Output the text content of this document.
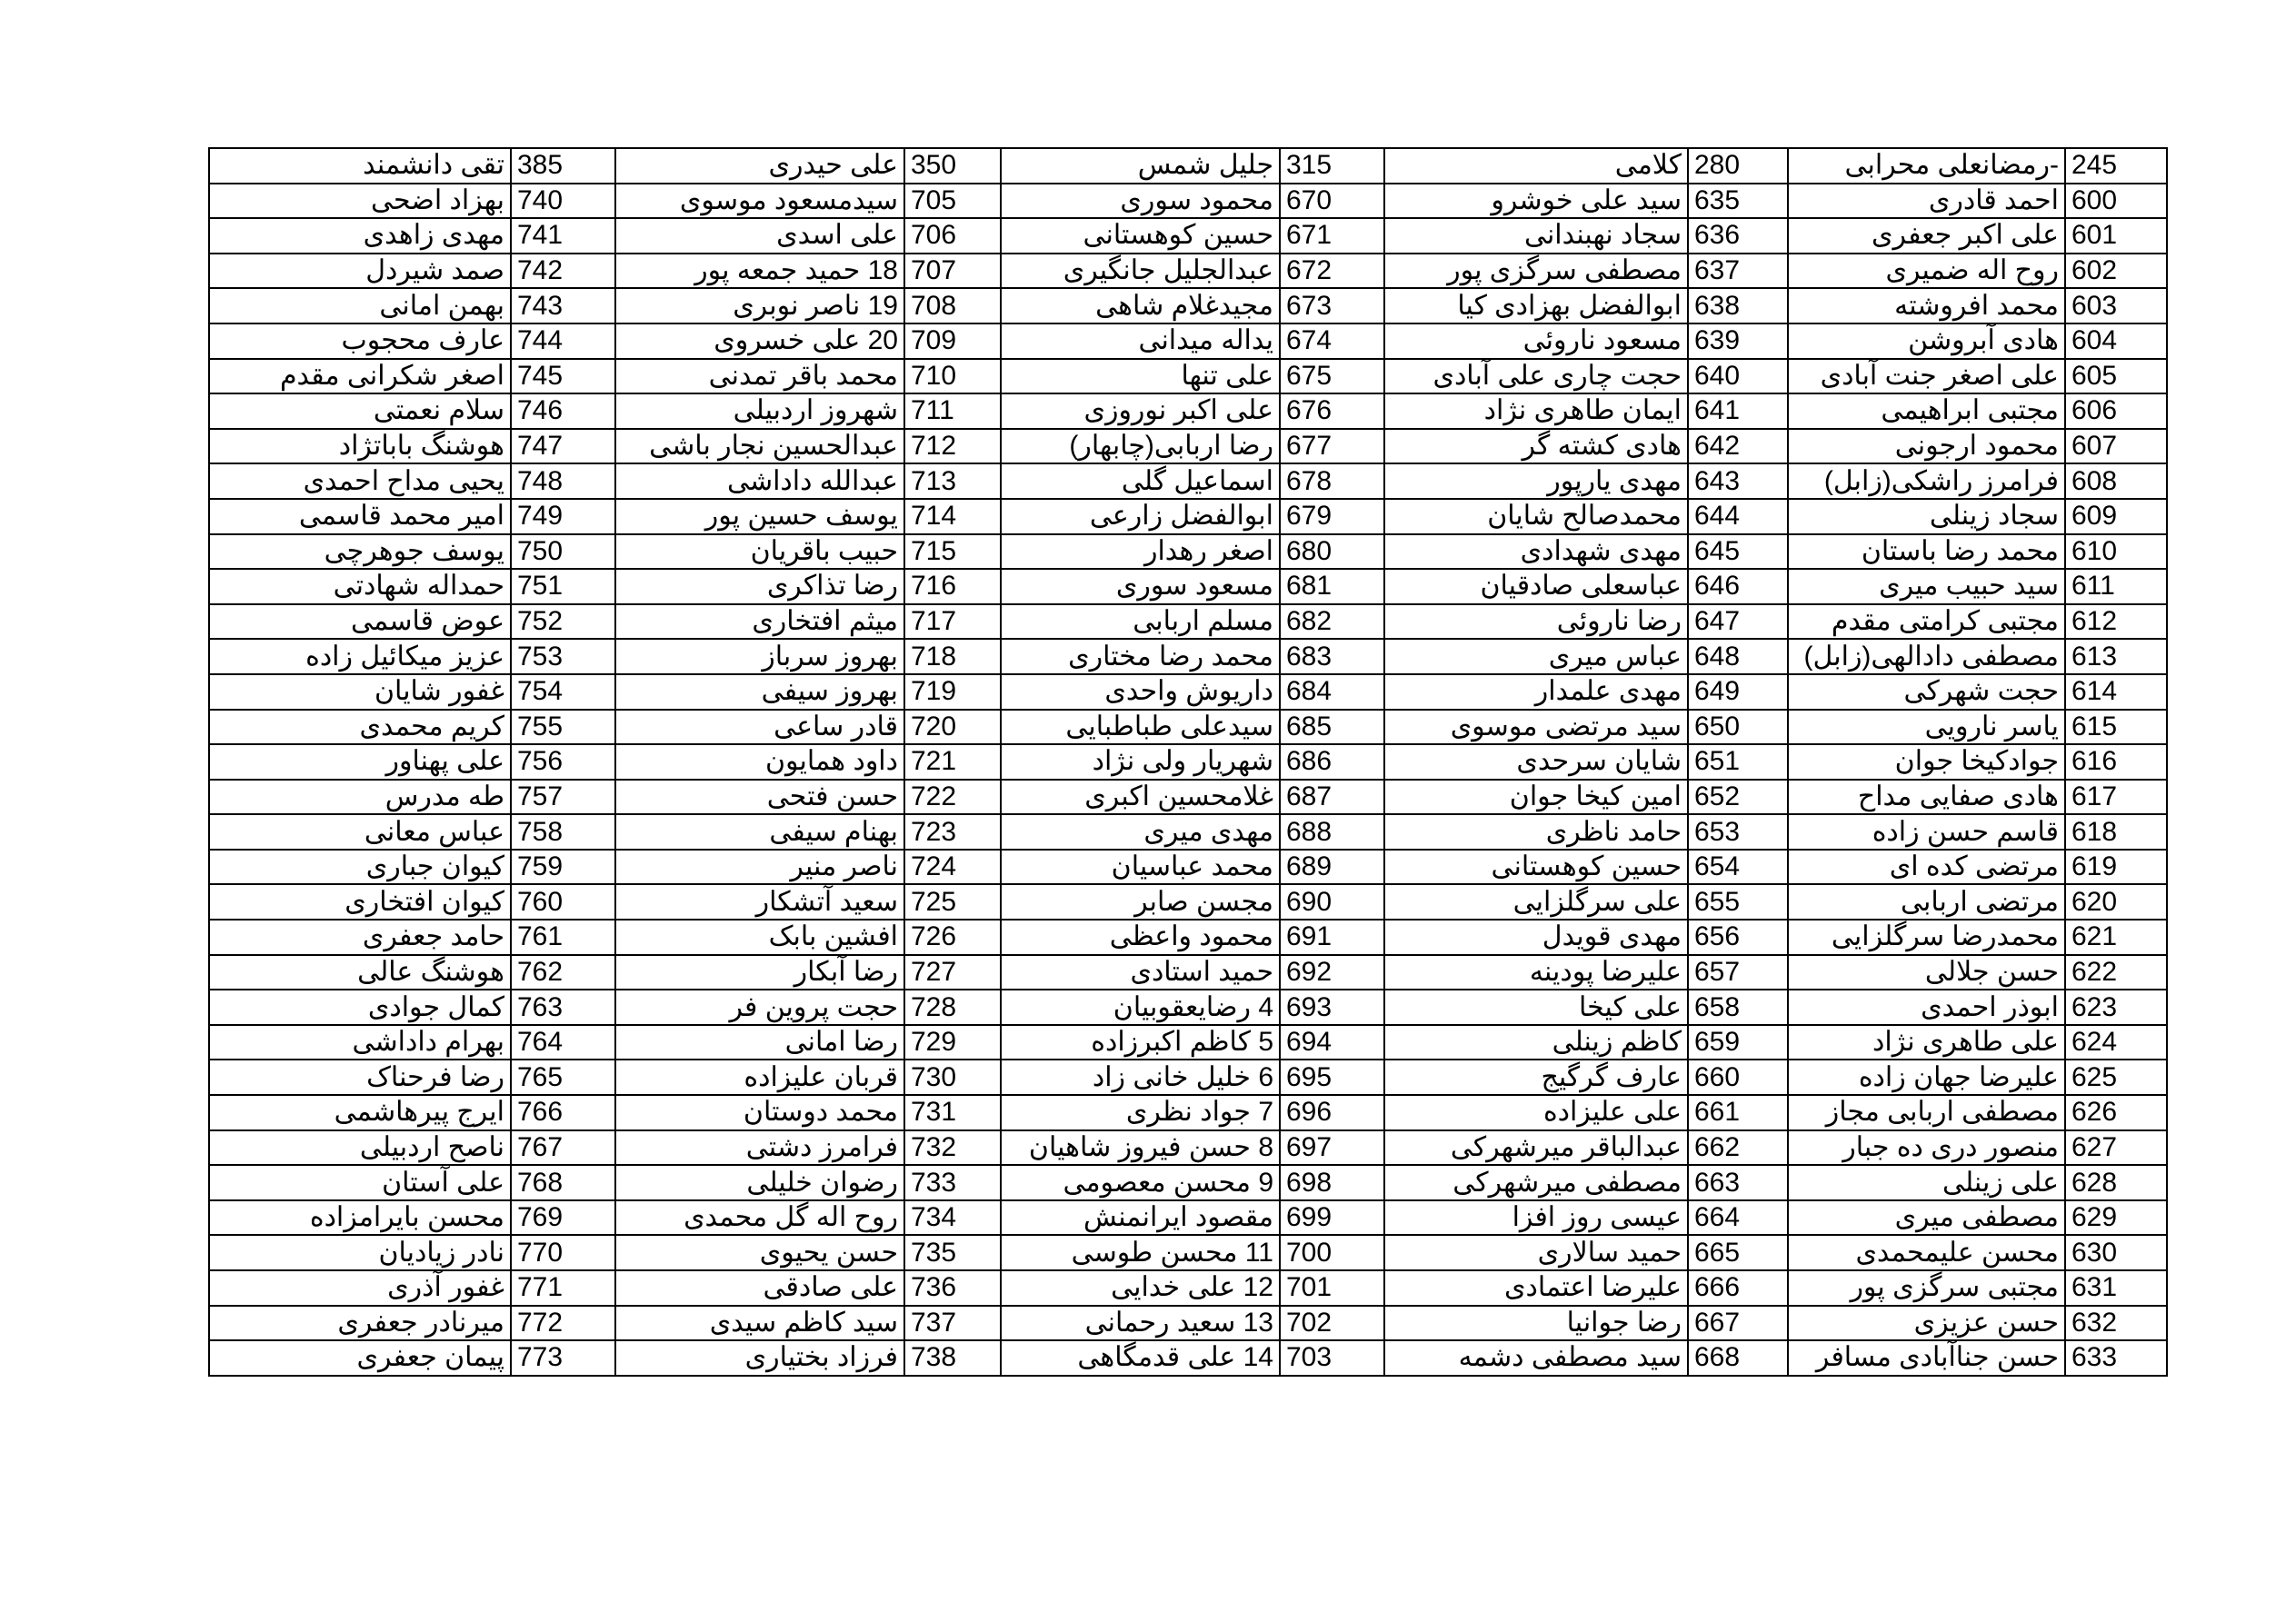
245	-رمضانعلی محرابی	280	کلامی	315	جلیل شمس	350	علی حیدری	385	تقی دانشمند
600	احمد قادری	635	سید علی خوشرو	670	محمود سوری	705	سیدمسعود موسوی	740	بهزاد اضحی
601	علی اکبر جعفری	636	سجاد نهبندانی	671	حسین کوهستانی	706	علی اسدی	741	مهدی زاهدی
602	روح اله ضمیری	637	مصطفی سرگزی پور	672	عبدالجلیل جانگیری	707	18 حمید جمعه پور	742	صمد شیردل
603	محمد افروشته	638	ابوالفضل بهزادی کیا	673	مجیدغلام شاهی	708	19 ناصر نوبری	743	بهمن امانی
604	هادی آبروشن	639	مسعود ناروئی	674	یداله میدانی	709	20 علی خسروی	744	عارف محجوب
605	علی اصغر جنت آبادی	640	حجت چاری علی آبادی	675	علی تنها	710	محمد باقر تمدنی	745	اصغر شکرانی مقدم
606	مجتبی ابراهیمی	641	ایمان طاهری نژاد	676	علی اکبر نوروزی	711	شهروز اردبیلی	746	سلام نعمتی
607	محمود ارجونی	642	هادی کشته گر	677	رضا اربابی(چابهار)	712	عبدالحسین نجار باشی	747	هوشنگ باباتژاد
608	فرامرز راشکی(زابل)	643	مهدی یارپور	678	اسماعیل گلی	713	عبدالله داداشی	748	یحیی مداح احمدی
609	سجاد زینلی	644	محمدصالح شایان	679	ابوالفضل زارعی	714	یوسف حسین پور	749	امیر محمد قاسمی
610	محمد رضا باستان	645	مهدی شهدادی	680	اصغر رهدار	715	حبیب باقریان	750	یوسف جوهرچی
611	سید حبیب میری	646	عباسعلی صادقیان	681	مسعود سوری	716	رضا تذاکری	751	حمداله شهادتی
612	مجتبی کرامتی مقدم	647	رضا ناروئی	682	مسلم اربابی	717	میثم افتخاری	752	عوض قاسمی
613	مصطفی دادالهی(زابل)	648	عباس میری	683	محمد رضا مختاری	718	بهروز سرباز	753	عزیز میکائیل زاده
614	حجت شهرکی	649	مهدی علمدار	684	داریوش واحدی	719	بهروز سیفی	754	غفور شایان
615	یاسر نارویی	650	سید مرتضی موسوی	685	سیدعلی طباطبایی	720	قادر ساعی	755	کریم محمدی
616	جوادکیخا جوان	651	شایان سرحدی	686	شهریار ولی نژاد	721	داود همایون	756	علی پهناور
617	هادی صفایی مداح	652	امین کیخا جوان	687	غلامحسین اکبری	722	حسن فتحی	757	طه مدرس
618	قاسم حسن زاده	653	حامد ناظری	688	مهدی میری	723	بهنام سیفی	758	عباس معانی
619	مرتضی کده ای	654	حسین کوهستانی	689	محمد عباسیان	724	ناصر منیر	759	کیوان جباری
620	مرتضی اربابی	655	علی سرگلزایی	690	مجسن صابر	725	سعید آتشکار	760	کیوان افتخاری
621	محمدرضا سرگلزایی	656	مهدی قویدل	691	محمود واعظی	726	افشین بابک	761	حامد جعفری
622	حسن جلالی	657	علیرضا پودینه	692	حمید استادی	727	رضا آبکار	762	هوشنگ عالی
623	ابوذر احمدی	658	علی کیخا	693	4 رضایعقوبیان	728	حجت پروین فر	763	کمال جوادی
624	علی طاهری نژاد	659	کاظم زینلی	694	5 کاظم اکبرزاده	729	رضا امانی	764	بهرام داداشی
625	علیرضا جهان زاده	660	عارف گرگیج	695	6 خلیل خانی زاد	730	قربان علیزاده	765	رضا فرحناک
626	مصطفی اربابی مجاز	661	علی علیزاده	696	7 جواد نظری	731	محمد دوستان	766	ایرج پیرهاشمی
627	منصور دری ده جبار	662	عبدالباقر میرشهرکی	697	8 حسن فیروز شاهیان	732	فرامرز دشتی	767	ناصح اردبیلی
628	علی زینلی	663	مصطفی میرشهرکی	698	9 محسن معصومی	733	رضوان خلیلی	768	علی آستان
629	مصطفی میری	664	عیسی روز افزا	699	مقصود ایرانمنش	734	روح اله گل محمدی	769	محسن بایرامزاده
630	محسن علیمحمدی	665	حمید سالاری	700	11 محسن طوسی	735	حسن یحیوی	770	نادر زیادیان
631	مجتبی سرگزی پور	666	علیرضا اعتمادی	701	12 علی خدایی	736	علی صادقی	771	غفور آذری
632	حسن عزیزی	667	رضا جوانیا	702	13 سعید رحمانی	737	سید کاظم سیدی	772	میرنادر جعفری
633	حسن جناآبادی مسافر	668	سید مصطفی دشمه	703	14 علی قدمگاهی	738	فرزاد بختیاری	773	پیمان جعفری
